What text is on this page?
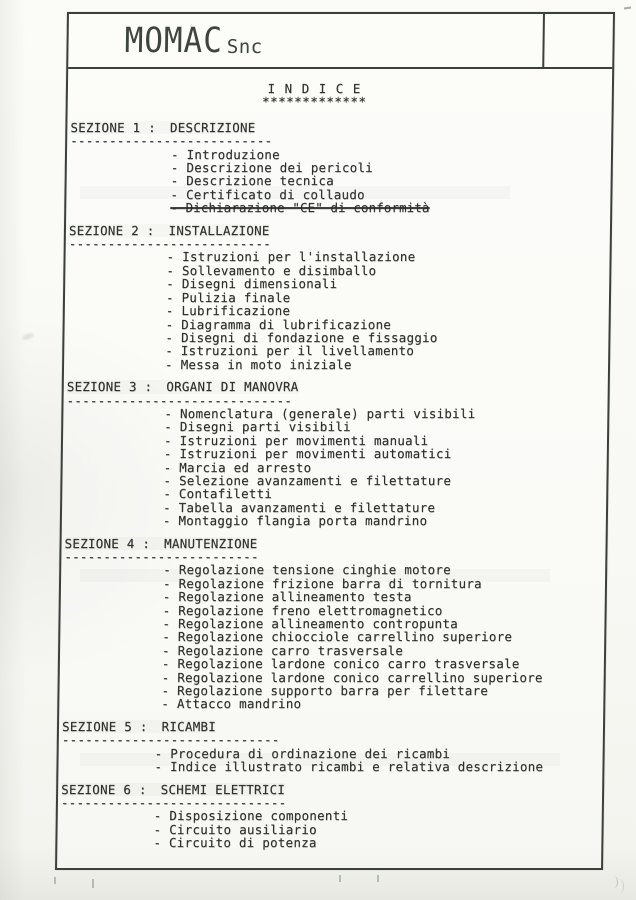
MOMAC Snc
I N D I C E
*************
SEZIONE 1 : DESCRIZIONE
--------------------------
- Introduzione
- Descrizione dei pericoli
- Descrizione tecnica
- Certificato di collaudo
- Dichiarazione "CE" di conformità
SEZIONE 2 : INSTALLAZIONE
--------------------------
- Istruzioni per l'installazione
- Sollevamento e disimballo
- Disegni dimensionali
- Pulizia finale
- Lubrificazione
- Diagramma di lubrificazione
- Disegni di fondazione e fissaggio
- Istruzioni per il livellamento
- Messa in moto iniziale
SEZIONE 3 : ORGANI DI MANOVRA
-----------------------------
- Nomenclatura (generale) parti visibili
- Disegni parti visibili
- Istruzioni per movimenti manuali
- Istruzioni per movimenti automatici
- Marcia ed arresto
- Selezione avanzamenti e filettature
- Contafiletti
- Tabella avanzamenti e filettature
- Montaggio flangia porta mandrino
SEZIONE 4 : MANUTENZIONE
-------------------------
- Regolazione tensione cinghie motore
- Regolazione frizione barra di tornitura
- Regolazione allineamento testa
- Regolazione freno elettromagnetico
- Regolazione allineamento contropunta
- Regolazione chiocciole carrellino superiore
- Regolazione carro trasversale
- Regolazione lardone conico carro trasversale
- Regolazione lardone conico carrellino superiore
- Regolazione supporto barra per filettare
- Attacco mandrino
SEZIONE 5 : RICAMBI
----------------------------
- Procedura di ordinazione dei ricambi
- Indice illustrato ricambi e relativa descrizione
SEZIONE 6 : SCHEMI ELETTRICI
-----------------------------
- Disposizione componenti
- Circuito ausiliario
- Circuito di potenza
